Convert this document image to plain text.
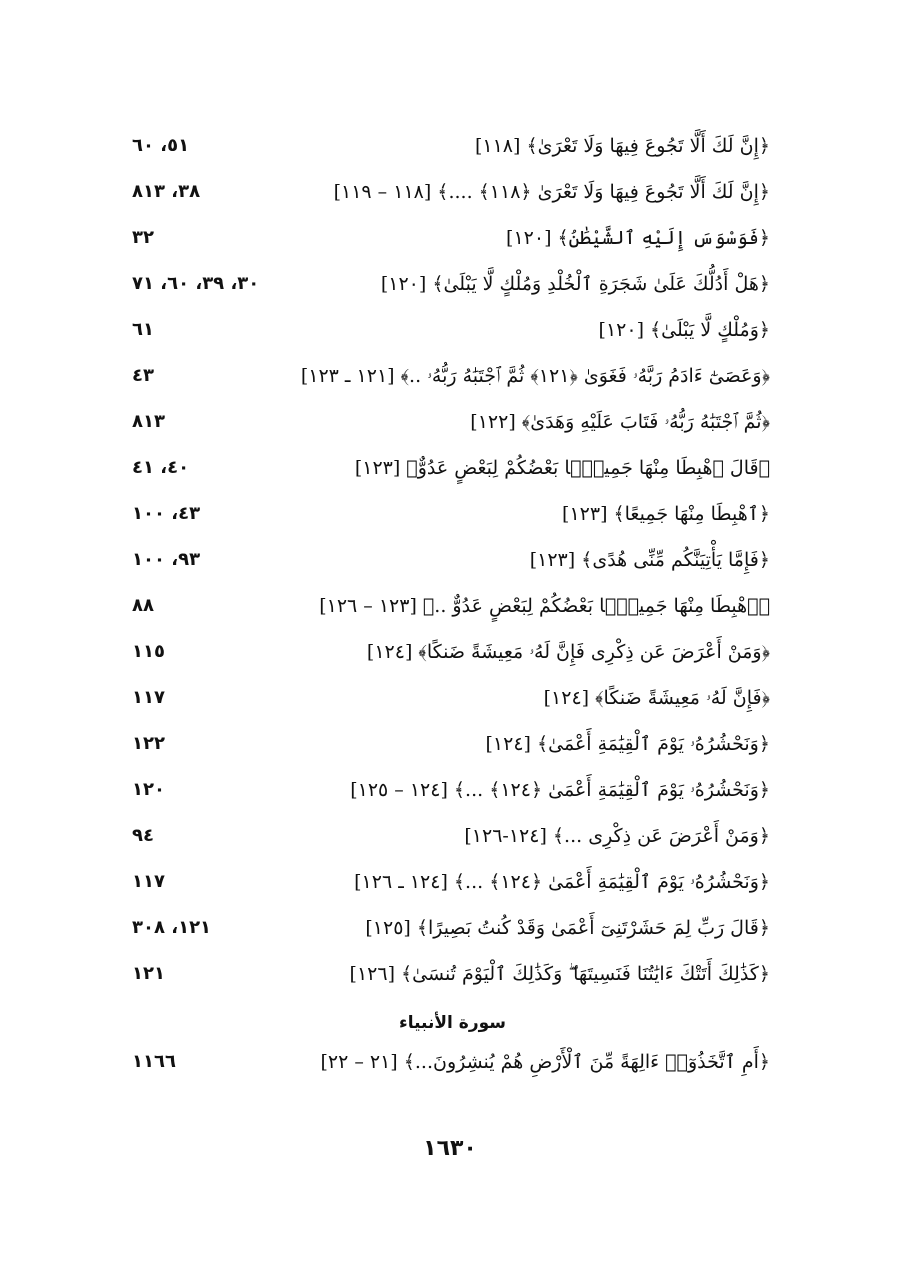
﴿إِنَّ لَكَ أَلَّا تَجُوعَ فِيهَا وَلَا تَعْرَىٰ﴾ [١١٨]
٥١، ٦٠
﴿إِنَّ لَكَ أَلَّا تَجُوعَ فِيهَا وَلَا تَعْرَىٰ ﴿١١٨﴾ ....﴾ [١١٨ – ١١٩]
٣٨، ٨١٣
﴿فَوَسْوَسَ إِلَيْهِ ٱلشَّيْطَٰنُ﴾ [١٢٠]
٣٢
﴿هَلْ أَدُلُّكَ عَلَىٰ شَجَرَةِ ٱلْخُلْدِ وَمُلْكٍ لَّا يَبْلَىٰ﴾ [١٢٠]
٣٠، ٣٩، ٦٠، ٧١
﴿وَمُلْكٍ لَّا يَبْلَىٰ﴾ [١٢٠]
٦١
﴿وَعَصَىٰٓ ءَادَمُ رَبَّهُۥ فَغَوَىٰ ﴿١٢١﴾ ثُمَّ ٱجْتَبَٰهُ رَبُّهُۥ ..﴾ [١٢١ ـ ١٢٣]
٤٣
﴿ثُمَّ ٱجْتَبَٰهُ رَبُّهُۥ فَتَابَ عَلَيْهِ وَهَدَىٰ﴾ [١٢٢]
٨١٣
﴿قَالَ ٱهْبِطَا مِنْهَا جَمِيعًۢا بَعْضُكُمْ لِبَعْضٍ عَدُوٌّ﴾ [١٢٣]
٤٠، ٤١
﴿ٱهْبِطَا مِنْهَا جَمِيعًا﴾ [١٢٣]
٤٣، ١٠٠
﴿فَإِمَّا يَأْتِيَنَّكُم مِّنِّى هُدًى﴾ [١٢٣]
٩٣، ١٠٠
﴿ٱهْبِطَا مِنْهَا جَمِيعًۢا بَعْضُكُمْ لِبَعْضٍ عَدُوٌّ ..﴾ [١٢٣ – ١٢٦]
٨٨
﴿وَمَنْ أَعْرَضَ عَن ذِكْرِى فَإِنَّ لَهُۥ مَعِيشَةً ضَنكًا﴾ [١٢٤]
١١٥
﴿فَإِنَّ لَهُۥ مَعِيشَةً ضَنكًا﴾ [١٢٤]
١١٧
﴿وَنَحْشُرُهُۥ يَوْمَ ٱلْقِيَٰمَةِ أَعْمَىٰ﴾ [١٢٤]
١٢٢
﴿وَنَحْشُرُهُۥ يَوْمَ ٱلْقِيَٰمَةِ أَعْمَىٰ ﴿١٢٤﴾ ...﴾ [١٢٤ – ١٢٥]
١٢٠
﴿وَمَنْ أَعْرَضَ عَن ذِكْرِى ...﴾ [١٢٤-١٢٦]
٩٤
﴿وَنَحْشُرُهُۥ يَوْمَ ٱلْقِيَٰمَةِ أَعْمَىٰ ﴿١٢٤﴾ ...﴾ [١٢٤ ـ ١٢٦]
١١٧
﴿قَالَ رَبِّ لِمَ حَشَرْتَنِىٓ أَعْمَىٰ وَقَدْ كُنتُ بَصِيرًا﴾ [١٢٥]
١٢١، ٣٠٨
﴿كَذَٰلِكَ أَتَتْكَ ءَايَٰتُنَا فَنَسِيتَهَا ۖ وَكَذَٰلِكَ ٱلْيَوْمَ تُنسَىٰ﴾ [١٢٦]
١٢١
سورة الأنبياء
﴿أَمِ ٱتَّخَذُوٓا۟ ءَالِهَةً مِّنَ ٱلْأَرْضِ هُمْ يُنشِرُونَ...﴾ [٢١ – ٢٢]
١١٦٦
١٦٣٠
